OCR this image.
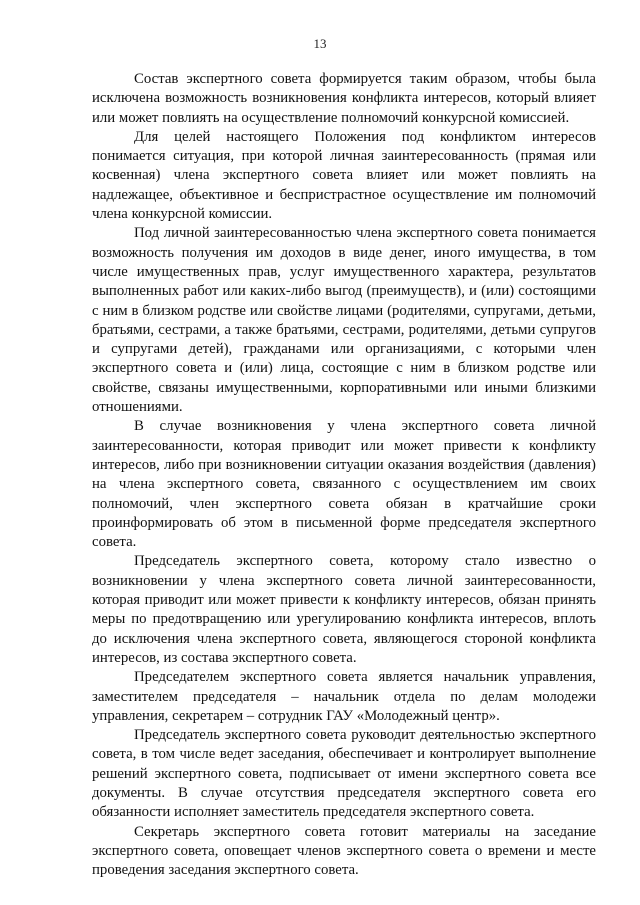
13

Состав экспертного совета формируется таким образом, чтобы была исключена возможность возникновения конфликта интересов, который влияет или может повлиять на осуществление полномочий конкурсной комиссией.

Для целей настоящего Положения под конфликтом интересов понимается ситуация, при которой личная заинтересованность (прямая или косвенная) члена экспертного совета влияет или может повлиять на надлежащее, объективное и беспристрастное осуществление им полномочий члена конкурсной комиссии.

Под личной заинтересованностью члена экспертного совета понимается возможность получения им доходов в виде денег, иного имущества, в том числе имущественных прав, услуг имущественного характера, результатов выполненных работ или каких-либо выгод (преимуществ), и (или) состоящими с ним в близком родстве или свойстве лицами (родителями, супругами, детьми, братьями, сестрами, а также братьями, сестрами, родителями, детьми супругов и супругами детей), гражданами или организациями, с которыми член экспертного совета и (или) лица, состоящие с ним в близком родстве или свойстве, связаны имущественными, корпоративными или иными близкими отношениями.

В случае возникновения у члена экспертного совета личной заинтересованности, которая приводит или может привести к конфликту интересов, либо при возникновении ситуации оказания воздействия (давления) на члена экспертного совета, связанного с осуществлением им своих полномочий, член экспертного совета обязан в кратчайшие сроки проинформировать об этом в письменной форме председателя экспертного совета.

Председатель экспертного совета, которому стало известно о возникновении у члена экспертного совета личной заинтересованности, которая приводит или может привести к конфликту интересов, обязан принять меры по предотвращению или урегулированию конфликта интересов, вплоть до исключения члена экспертного совета, являющегося стороной конфликта интересов, из состава экспертного совета.

Председателем экспертного совета является начальник управления, заместителем председателя – начальник отдела по делам молодежи управления, секретарем – сотрудник ГАУ «Молодежный центр».

Председатель экспертного совета руководит деятельностью экспертного совета, в том числе ведет заседания, обеспечивает и контролирует выполнение решений экспертного совета, подписывает от имени экспертного совета все документы. В случае отсутствия председателя экспертного совета его обязанности исполняет заместитель председателя экспертного совета.

Секретарь экспертного совета готовит материалы на заседание экспертного совета, оповещает членов экспертного совета о времени и месте проведения заседания экспертного совета.
